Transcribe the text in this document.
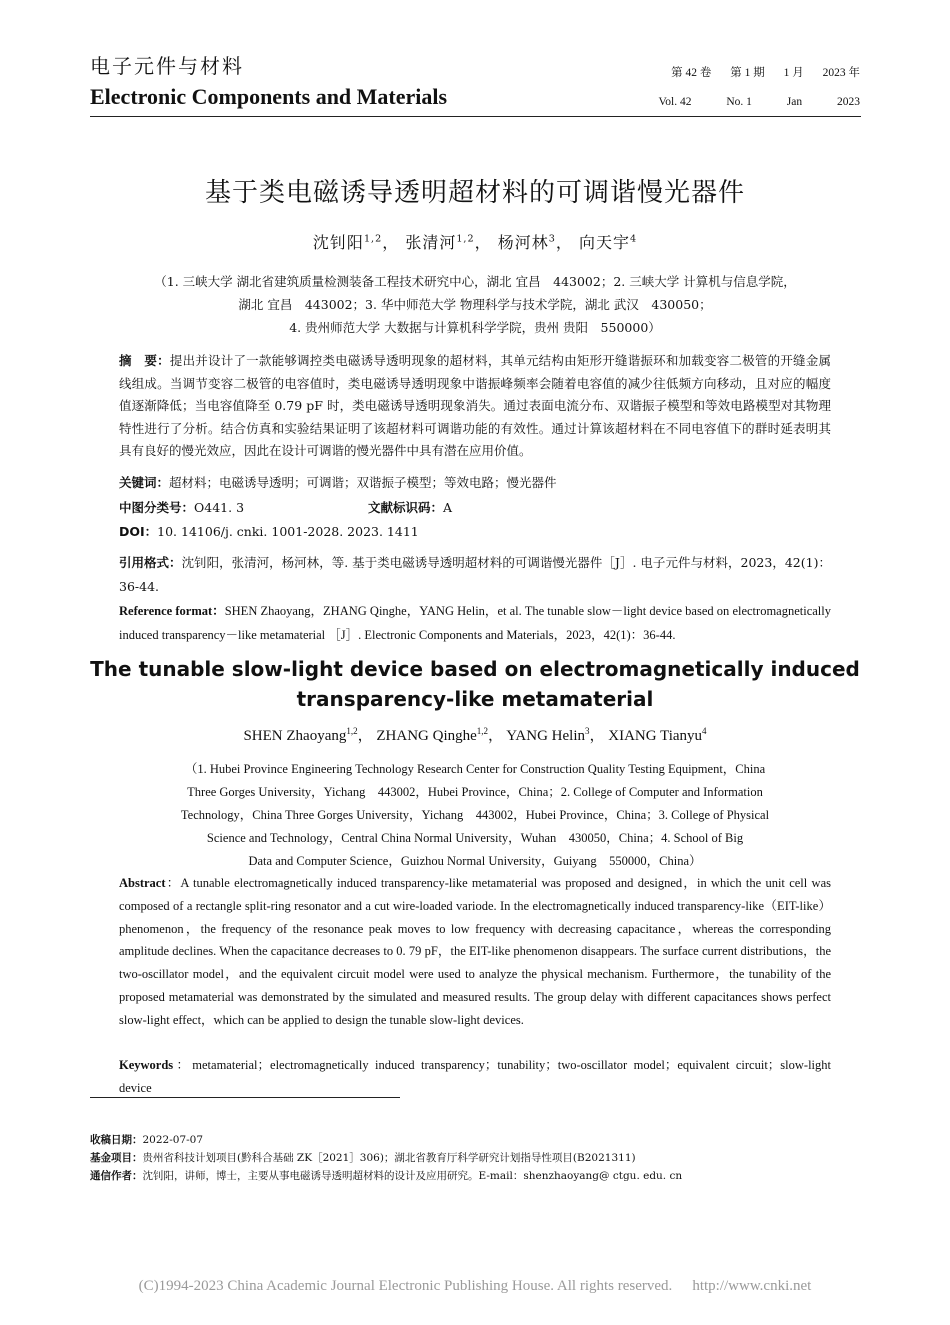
电子元件与材料
Electronic Components and Materials
第 42 卷 第 1 期 1 月 2023 年
Vol. 42	No. 1	Jan	2023
基于类电磁诱导透明超材料的可调谐慢光器件
沈钊阳$^{1,2}$， 张清河$^{1,2}$， 杨河林$^3$， 向天宇$^4$
（1. 三峡大学 湖北省建筑质量检测装备工程技术研究中心，湖北 宜昌　443002；2. 三峡大学 计算机与信息学院，
湖北 宜昌　443002；3. 华中师范大学 物理科学与技术学院，湖北 武汉　430050；
4. 贵州师范大学 大数据与计算机科学学院，贵州 贵阳　550000）
摘　要：提出并设计了一款能够调控类电磁诱导透明现象的超材料，其单元结构由矩形开缝谐振环和加载变容二极管的开缝金属线组成。当调节变容二极管的电容值时，类电磁诱导透明现象中谐振峰频率会随着电容值的减少往低频方向移动，且对应的幅度值逐渐降低；当电容值降至 0.79 pF 时，类电磁诱导透明现象消失。通过表面电流分布、双谐振子模型和等效电路模型对其物理特性进行了分析。结合仿真和实验结果证明了该超材料可调谐功能的有效性。通过计算该超材料在不同电容值下的群时延表明其具有良好的慢光效应，因此在设计可调谐的慢光器件中具有潜在应用价值。
关键词：超材料；电磁诱导透明；可调谐；双谐振子模型；等效电路；慢光器件
中图分类号：O441. 3	文献标识码：A
DOI：10. 14106/j. cnki. 1001-2028. 2023. 1411
引用格式：沈钊阳，张清河，杨河林，等. 基于类电磁诱导透明超材料的可调谐慢光器件［J］. 电子元件与材料，2023，42(1)：36-44.
Reference format：SHEN Zhaoyang，ZHANG Qinghe，YANG Helin，et al. The tunable slow－light device based on electromagnetically induced transparency－like metamaterial ［J］. Electronic Components and Materials，2023，42(1)：36-44.
The tunable slow-light device based on electromagnetically induced
transparency-like metamaterial
SHEN Zhaoyang$^{1,2}$， ZHANG Qinghe$^{1,2}$， YANG Helin$^3$， XIANG Tianyu$^4$
（1. Hubei Province Engineering Technology Research Center for Construction Quality Testing Equipment，China
Three Gorges University，Yichang　443002，Hubei Province，China；2. College of Computer and Information
Technology，China Three Gorges University，Yichang　443002，Hubei Province，China；3. College of Physical
Science and Technology，Central China Normal University，Wuhan　430050，China；4. School of Big
Data and Computer Science，Guizhou Normal University，Guiyang　550000，China）
Abstract：A tunable electromagnetically induced transparency-like metamaterial was proposed and designed，in which the unit cell was composed of a rectangle split-ring resonator and a cut wire-loaded variode. In the electromagnetically induced transparency-like（EIT-like）phenomenon，the frequency of the resonance peak moves to low frequency with decreasing capacitance，whereas the corresponding amplitude declines. When the capacitance decreases to 0. 79 pF，the EIT-like phenomenon disappears. The surface current distributions，the two-oscillator model，and the equivalent circuit model were used to analyze the physical mechanism. Furthermore，the tunability of the proposed metamaterial was demonstrated by the simulated and measured results. The group delay with different capacitances shows perfect slow-light effect，which can be applied to design the tunable slow-light devices.
Keywords：metamaterial；electromagnetically induced transparency；tunability；two-oscillator model；equivalent circuit；slow-light device
收稿日期：2022-07-07
基金项目：贵州省科技计划项目(黔科合基础 ZK［2021］306)；湖北省教育厅科学研究计划指导性项目(B2021311)
通信作者：沈钊阳，讲师，博士，主要从事电磁诱导透明超材料的设计及应用研究。E-mail：shenzhaoyang@ ctgu. edu. cn
(C)1994-2023 China Academic Journal Electronic Publishing House. All rights reserved. http://www.cnki.net
